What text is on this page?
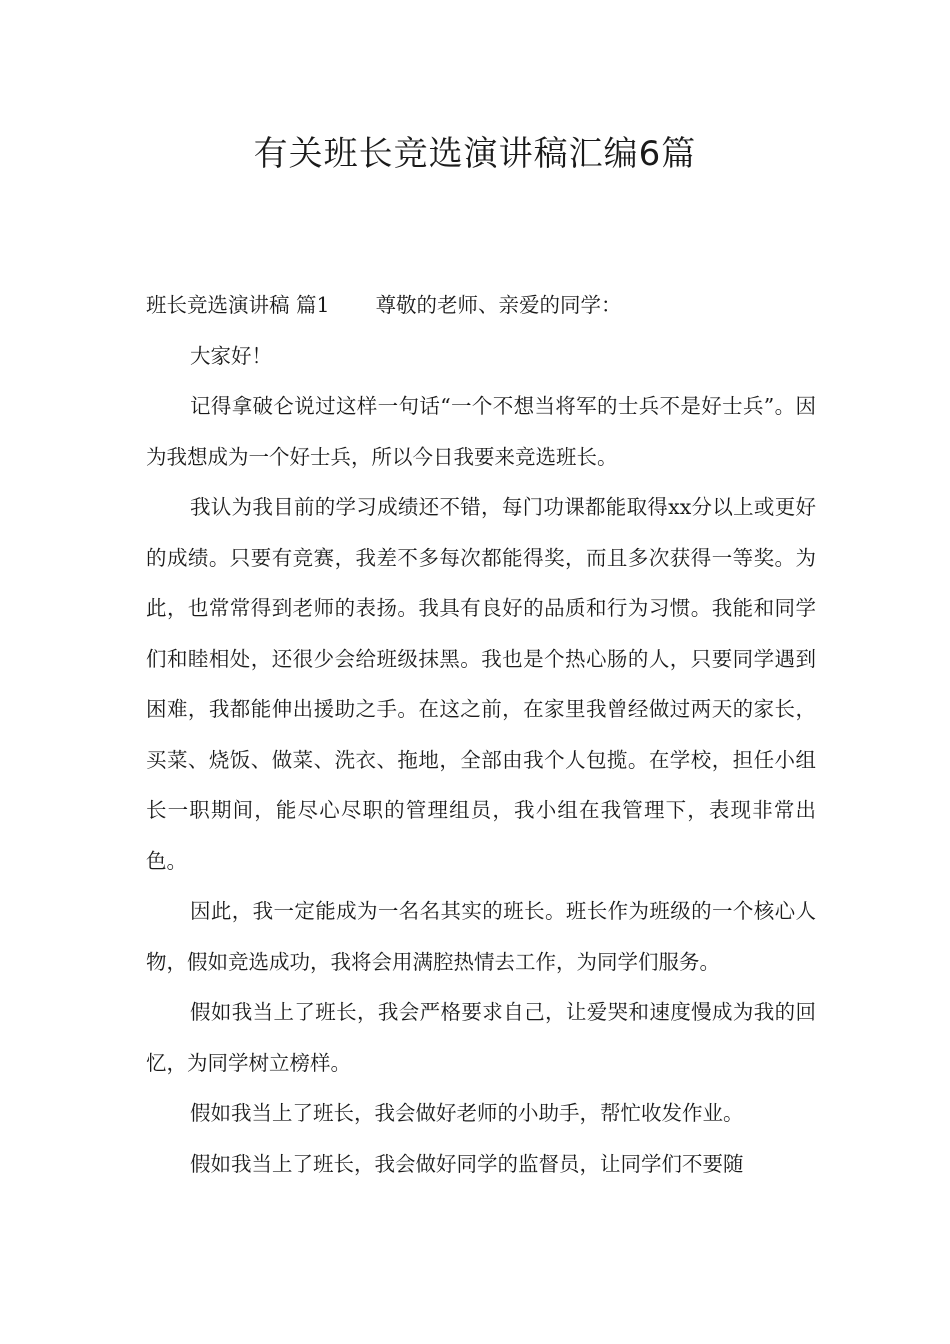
有关班长竞选演讲稿汇编6篇

班长竞选演讲稿 篇1 尊敬的老师、亲爱的同学：

大家好！

记得拿破仑说过这样一句话“一个不想当将军的士兵不是好士兵”。因为我想成为一个好士兵，所以今日我要来竞选班长。

我认为我目前的学习成绩还不错，每门功课都能取得xx分以上或更好的成绩。只要有竞赛，我差不多每次都能得奖，而且多次获得一等奖。为此，也常常得到老师的表扬。我具有良好的品质和行为习惯。我能和同学们和睦相处，还很少会给班级抹黑。我也是个热心肠的人，只要同学遇到困难，我都能伸出援助之手。在这之前，在家里我曾经做过两天的家长，买菜、烧饭、做菜、洗衣、拖地，全部由我个人包揽。在学校，担任小组长一职期间，能尽心尽职的管理组员，我小组在我管理下，表现非常出色。

因此，我一定能成为一名名其实的班长。班长作为班级的一个核心人物，假如竞选成功，我将会用满腔热情去工作，为同学们服务。

假如我当上了班长，我会严格要求自己，让爱哭和速度慢成为我的回忆，为同学树立榜样。

假如我当上了班长，我会做好老师的小助手，帮忙收发作业。

假如我当上了班长，我会做好同学的监督员，让同学们不要随
